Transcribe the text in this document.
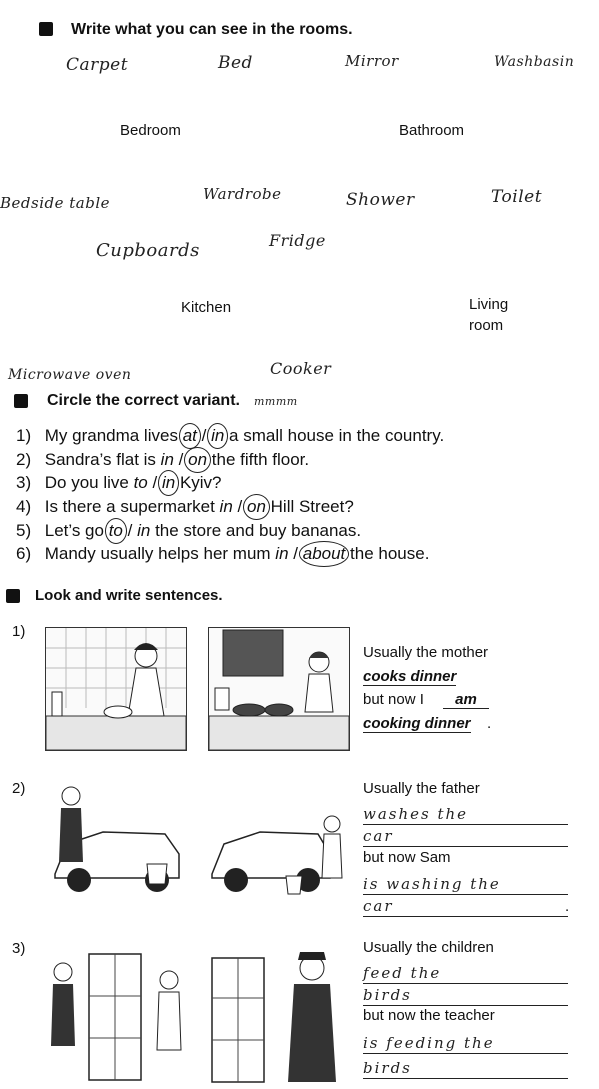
Write what you can see in the rooms.
Carpet	Bed	Mirror	Washbasin
Bedroom	Bathroom
Bedside table	Wardrobe	Shower	Toilet
Cupboards	Fridge
Kitchen	Living room
Microwave oven	Cooker
Circle the correct variant. mmmm
1) My grandma lives at / in a small house in the country.
2) Sandra’s flat is in / on the fifth floor.
3) Do you live to / in Kyiv?
4) Is there a supermarket in / on Hill Street?
5) Let’s go to / in the store and buy bananas.
6) Mandy usually helps her mum in / about the house.
Look and write sentences.
1)
Usually the mother
cooks dinner
but now I	am
cooking dinner .
2)	Usually the father
washes the
car
but now Sam
is washing the
car	.
3)	Usually the children
feed the
birds
but now the teacher
is feeding the
birds
